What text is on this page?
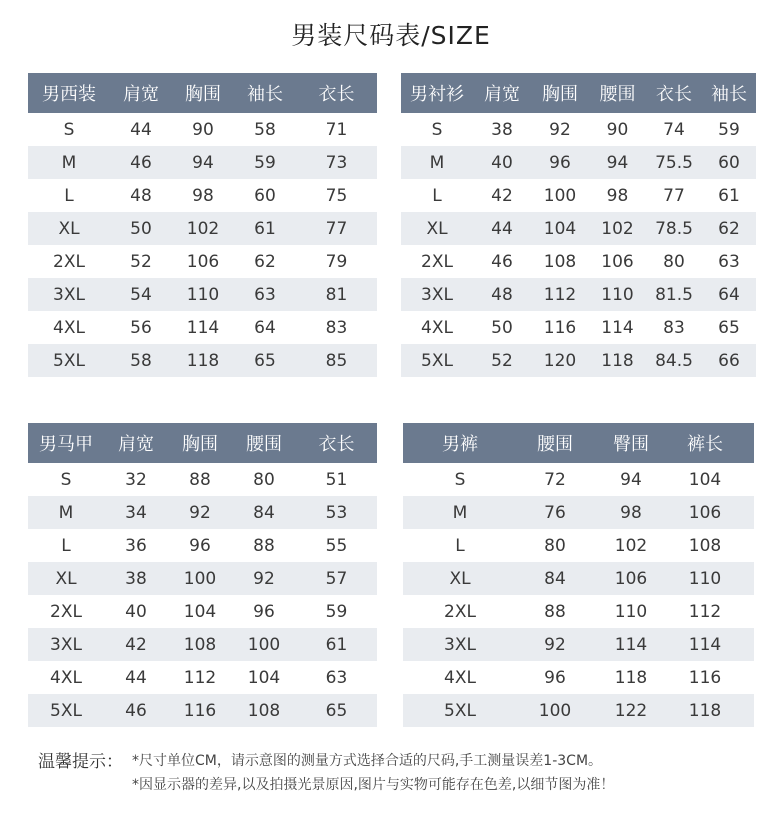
男装尺码表/SIZE
男西装	肩宽	胸围	袖长	衣长
S	44	90	58	71
M	46	94	59	73
L	48	98	60	75
XL	50	102	61	77
2XL	52	106	62	79
3XL	54	110	63	81
4XL	56	114	64	83
5XL	58	118	65	85
男衬衫	肩宽	胸围	腰围	衣长	袖长
S	38	92	90	74	59
M	40	96	94	75.5	60
L	42	100	98	77	61
XL	44	104	102	78.5	62
2XL	46	108	106	80	63
3XL	48	112	110	81.5	64
4XL	50	116	114	83	65
5XL	52	120	118	84.5	66
男马甲	肩宽	胸围	腰围	衣长
S	32	88	80	51
M	34	92	84	53
L	36	96	88	55
XL	38	100	92	57
2XL	40	104	96	59
3XL	42	108	100	61
4XL	44	112	104	63
5XL	46	116	108	65
男裤	腰围	臀围	裤长	
S	72	94	104	
M	76	98	106	
L	80	102	108	
XL	84	106	110	
2XL	88	110	112	
3XL	92	114	114	
4XL	96	118	116	
5XL	100	122	118	
温馨提示： *尺寸单位CM，请示意图的测量方式选择合适的尺码,手工测量误差1-3CM。
*因显示器的差异,以及拍摄光景原因,图片与实物可能存在色差,以细节图为准！
